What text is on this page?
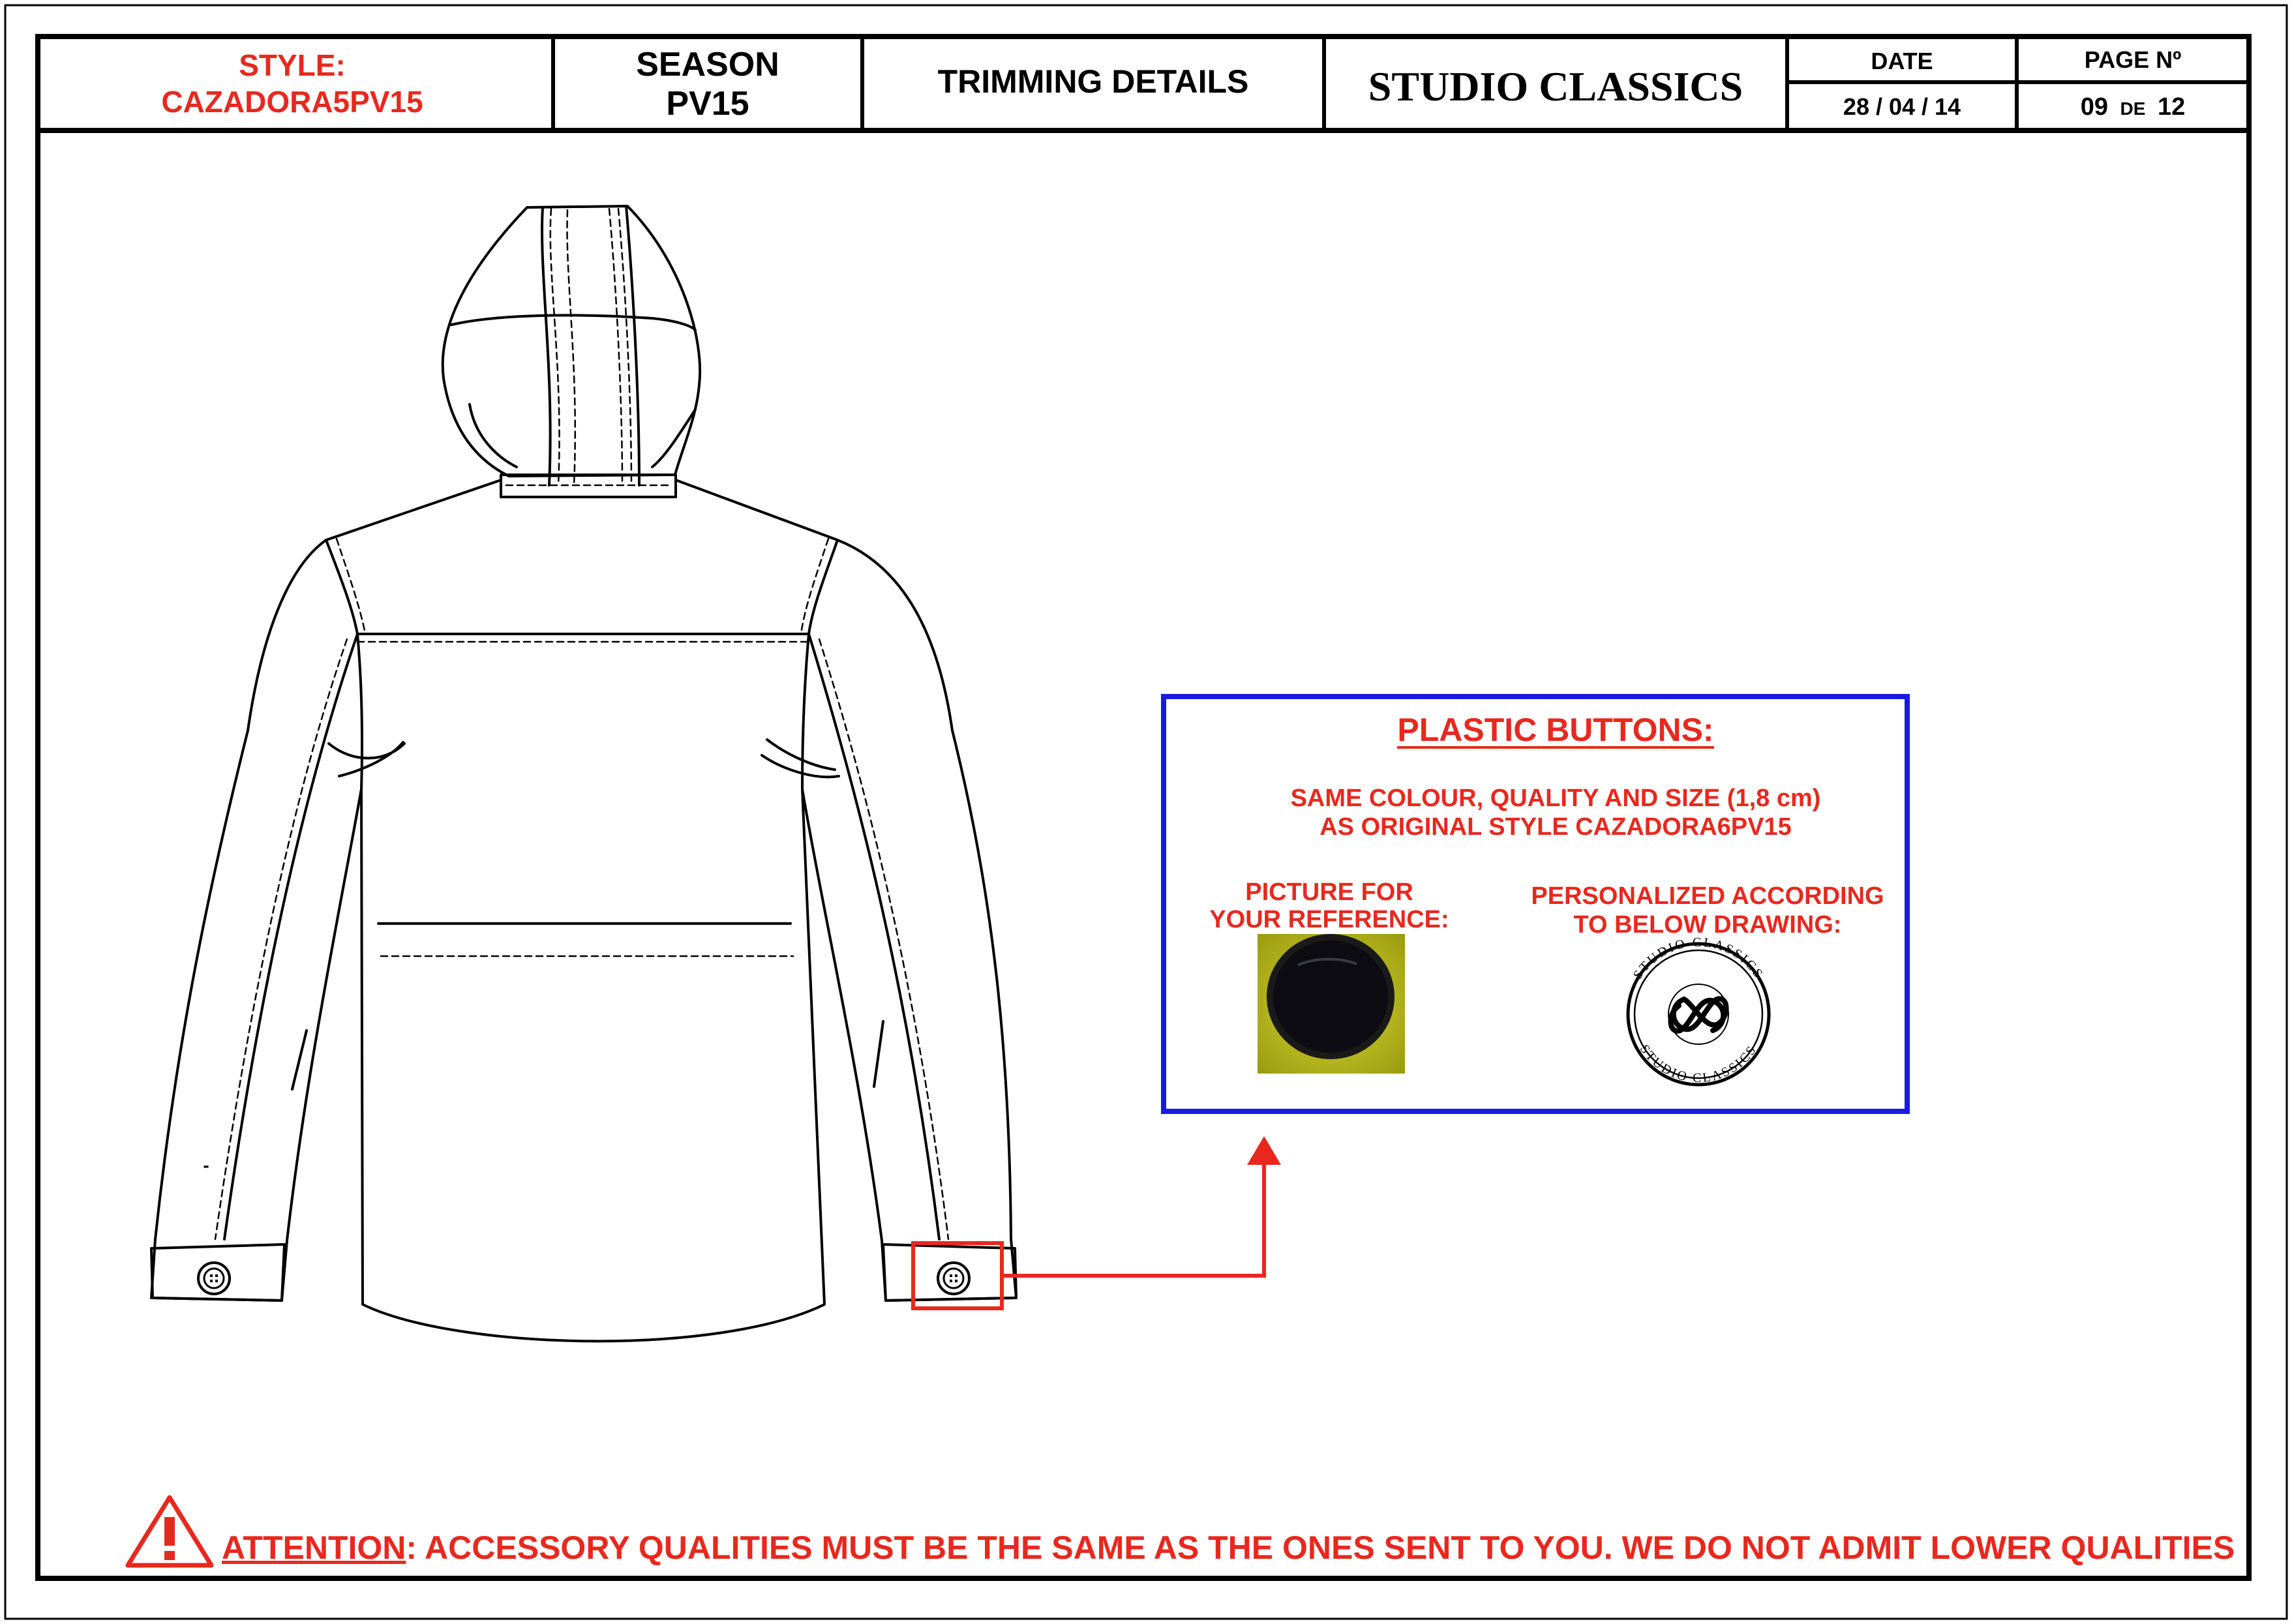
STYLE:
CAZADORA5PV15
SEASON
PV15
TRIMMING DETAILS	STUDIO CLASSICS
DATE
28 / 04 / 14
PAGE Nº
09 DE 12
-
PLASTIC BUTTONS:
SAME COLOUR, QUALITY AND SIZE (1,8 cm)
AS ORIGINAL STYLE CAZADORA6PV15
PICTURE FOR
YOUR REFERENCE:
PERSONALIZED ACCORDING
TO BELOW DRAWING:
STUDIO CLASSICS
STUDIO CLASSICS
ATTENTION: ACCESSORY QUALITIES MUST BE THE SAME AS THE ONES SENT TO YOU. WE DO NOT ADMIT LOWER QUALITIES
